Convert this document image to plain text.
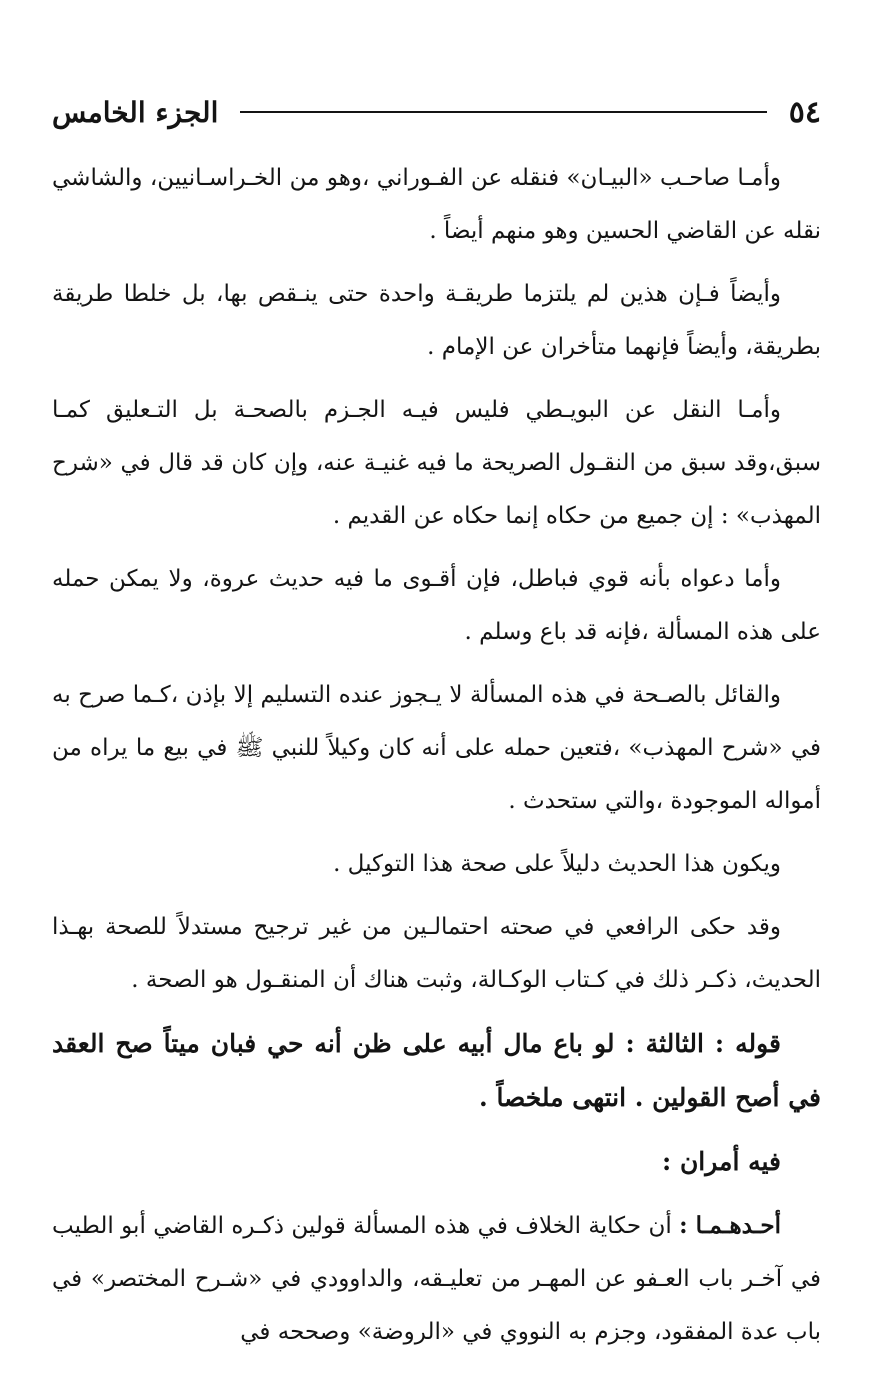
٥٤
الجزء الخامس

وأمـا صاحـب «البيـان» فنقله عن الفـوراني ،وهو من الخـراسـانيين، والشاشي نقله عن القاضي الحسين وهو منهم أيضاً .

وأيضاً فـإن هذين لم يلتزما طريقـة واحدة حتى ينـقص بها، بل خلطا طريقة بطريقة، وأيضاً فإنهما متأخران عن الإمام .

وأمـا النقل عن البويـطي فليس فيـه الجـزم بالصحـة بل التـعليق كمـا سبق،وقد سبق من النقـول الصريحة ما فيه غنيـة عنه، وإن كان قد قال في «شرح المهذب» : إن جميع من حكاه إنما حكاه عن القديم .

وأما دعواه بأنه قوي فباطل، فإن أقـوى ما فيه حديث عروة، ولا يمكن حمله على هذه المسألة ،فإنه قد باع وسلم .

والقائل بالصـحة في هذه المسألة لا يـجوز عنده التسليم إلا بإذن ،كـما صرح به في «شرح المهذب» ،فتعين حمله على أنه كان وكيلاً للنبي ﷺ في بيع ما يراه من أمواله الموجودة ،والتي ستحدث .

ويكون هذا الحديث دليلاً على صحة هذا التوكيل .

وقد حكى الرافعي في صحته احتمالـين من غير ترجيح مستدلاً للصحة بهـذا الحديث، ذكـر ذلك في كـتاب الوكـالة، وثبت هناك أن المنقـول هو الصحة .

قوله : الثالثة : لو باع مال أبيه على ظن أنه حي فبان ميتاً صح العقد في أصح القولين . انتهى ملخصاً .

فيه أمران :

أحـدهـمـا : أن حكاية الخلاف في هذه المسألة قولين ذكـره القاضي أبو الطيب في آخـر باب العـفو عن المهـر من تعليـقه، والداوودي في «شـرح المختصر» في باب عدة المفقود، وجزم به النووي في «الروضة» وصححه في
